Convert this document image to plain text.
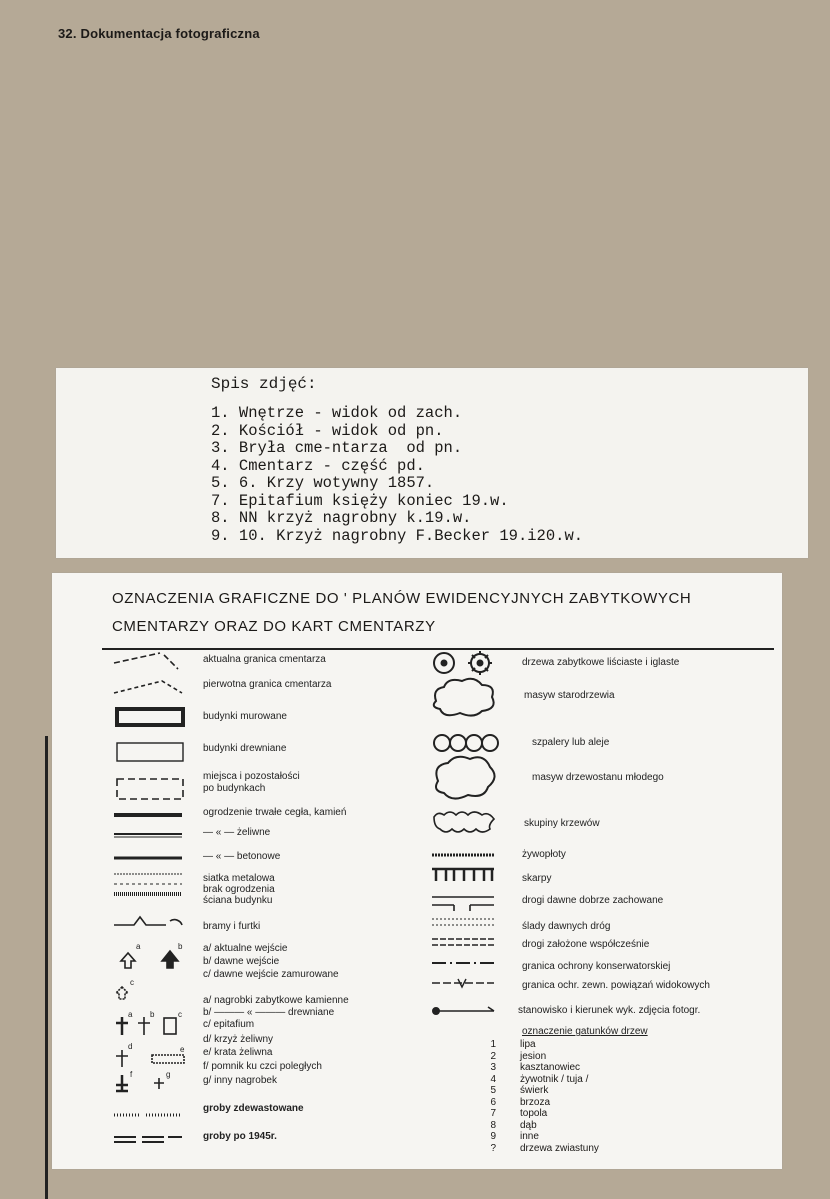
32. Dokumentacja fotograficzna
Spis zdjęć:
1. Wnętrze - widok od zach.
2. Kościół - widok od pn.
3. Bryła cme-ntarza  od pn.
4. Cmentarz - część pd.
5. 6. Krzy wotywny 1857.
7. Epitafium księży koniec 19.w.
8. NN krzyż nagrobny k.19.w.
9. 10. Krzyż nagrobny F.Becker 19.i20.w.
OZNACZENIA GRAFICZNE DO ' PLANÓW EWIDENCYJNYCH ZABYTKOWYCH
CMENTARZY ORAZ DO KART CMENTARZY
a	b
c
a b	c
d	e
f	g
aktualna granica cmentarza
pierwotna granica cmentarza
budynki murowane
budynki drewniane
miejsca i pozostałości
po budynkach
ogrodzenie trwałe cegła, kamień
— « — żeliwne
— « — betonowe
siatka metalowa
brak ogrodzenia
ściana budynku
bramy i furtki
a/ aktualne wejście
b/ dawne wejście
c/ dawne wejście zamurowane
a/ nagrobki zabytkowe kamienne
b/ ——— « ——— drewniane
c/ epitafium
d/ krzyż żeliwny
e/ krata żeliwna
f/ pomnik ku czci poległych
g/ inny nagrobek
groby zdewastowane
groby po 1945r.
drzewa zabytkowe liściaste i iglaste
masyw starodrzewia
szpalery lub aleje
masyw drzewostanu młodego
skupiny krzewów
żywopłoty
skarpy
drogi dawne dobrze zachowane
ślady dawnych dróg
drogi założone współcześnie
granica ochrony konserwatorskiej
granica ochr. zewn. powiązań widokowych
stanowisko i kierunek wyk. zdjęcia fotogr.
oznaczenie gatunków drzew
1 lipa
2 jesion
3 kasztanowiec
4 żywotnik / tuja /
5 świerk
6 brzoza
7 topola
8 dąb
9 inne
? drzewa zwiastuny
